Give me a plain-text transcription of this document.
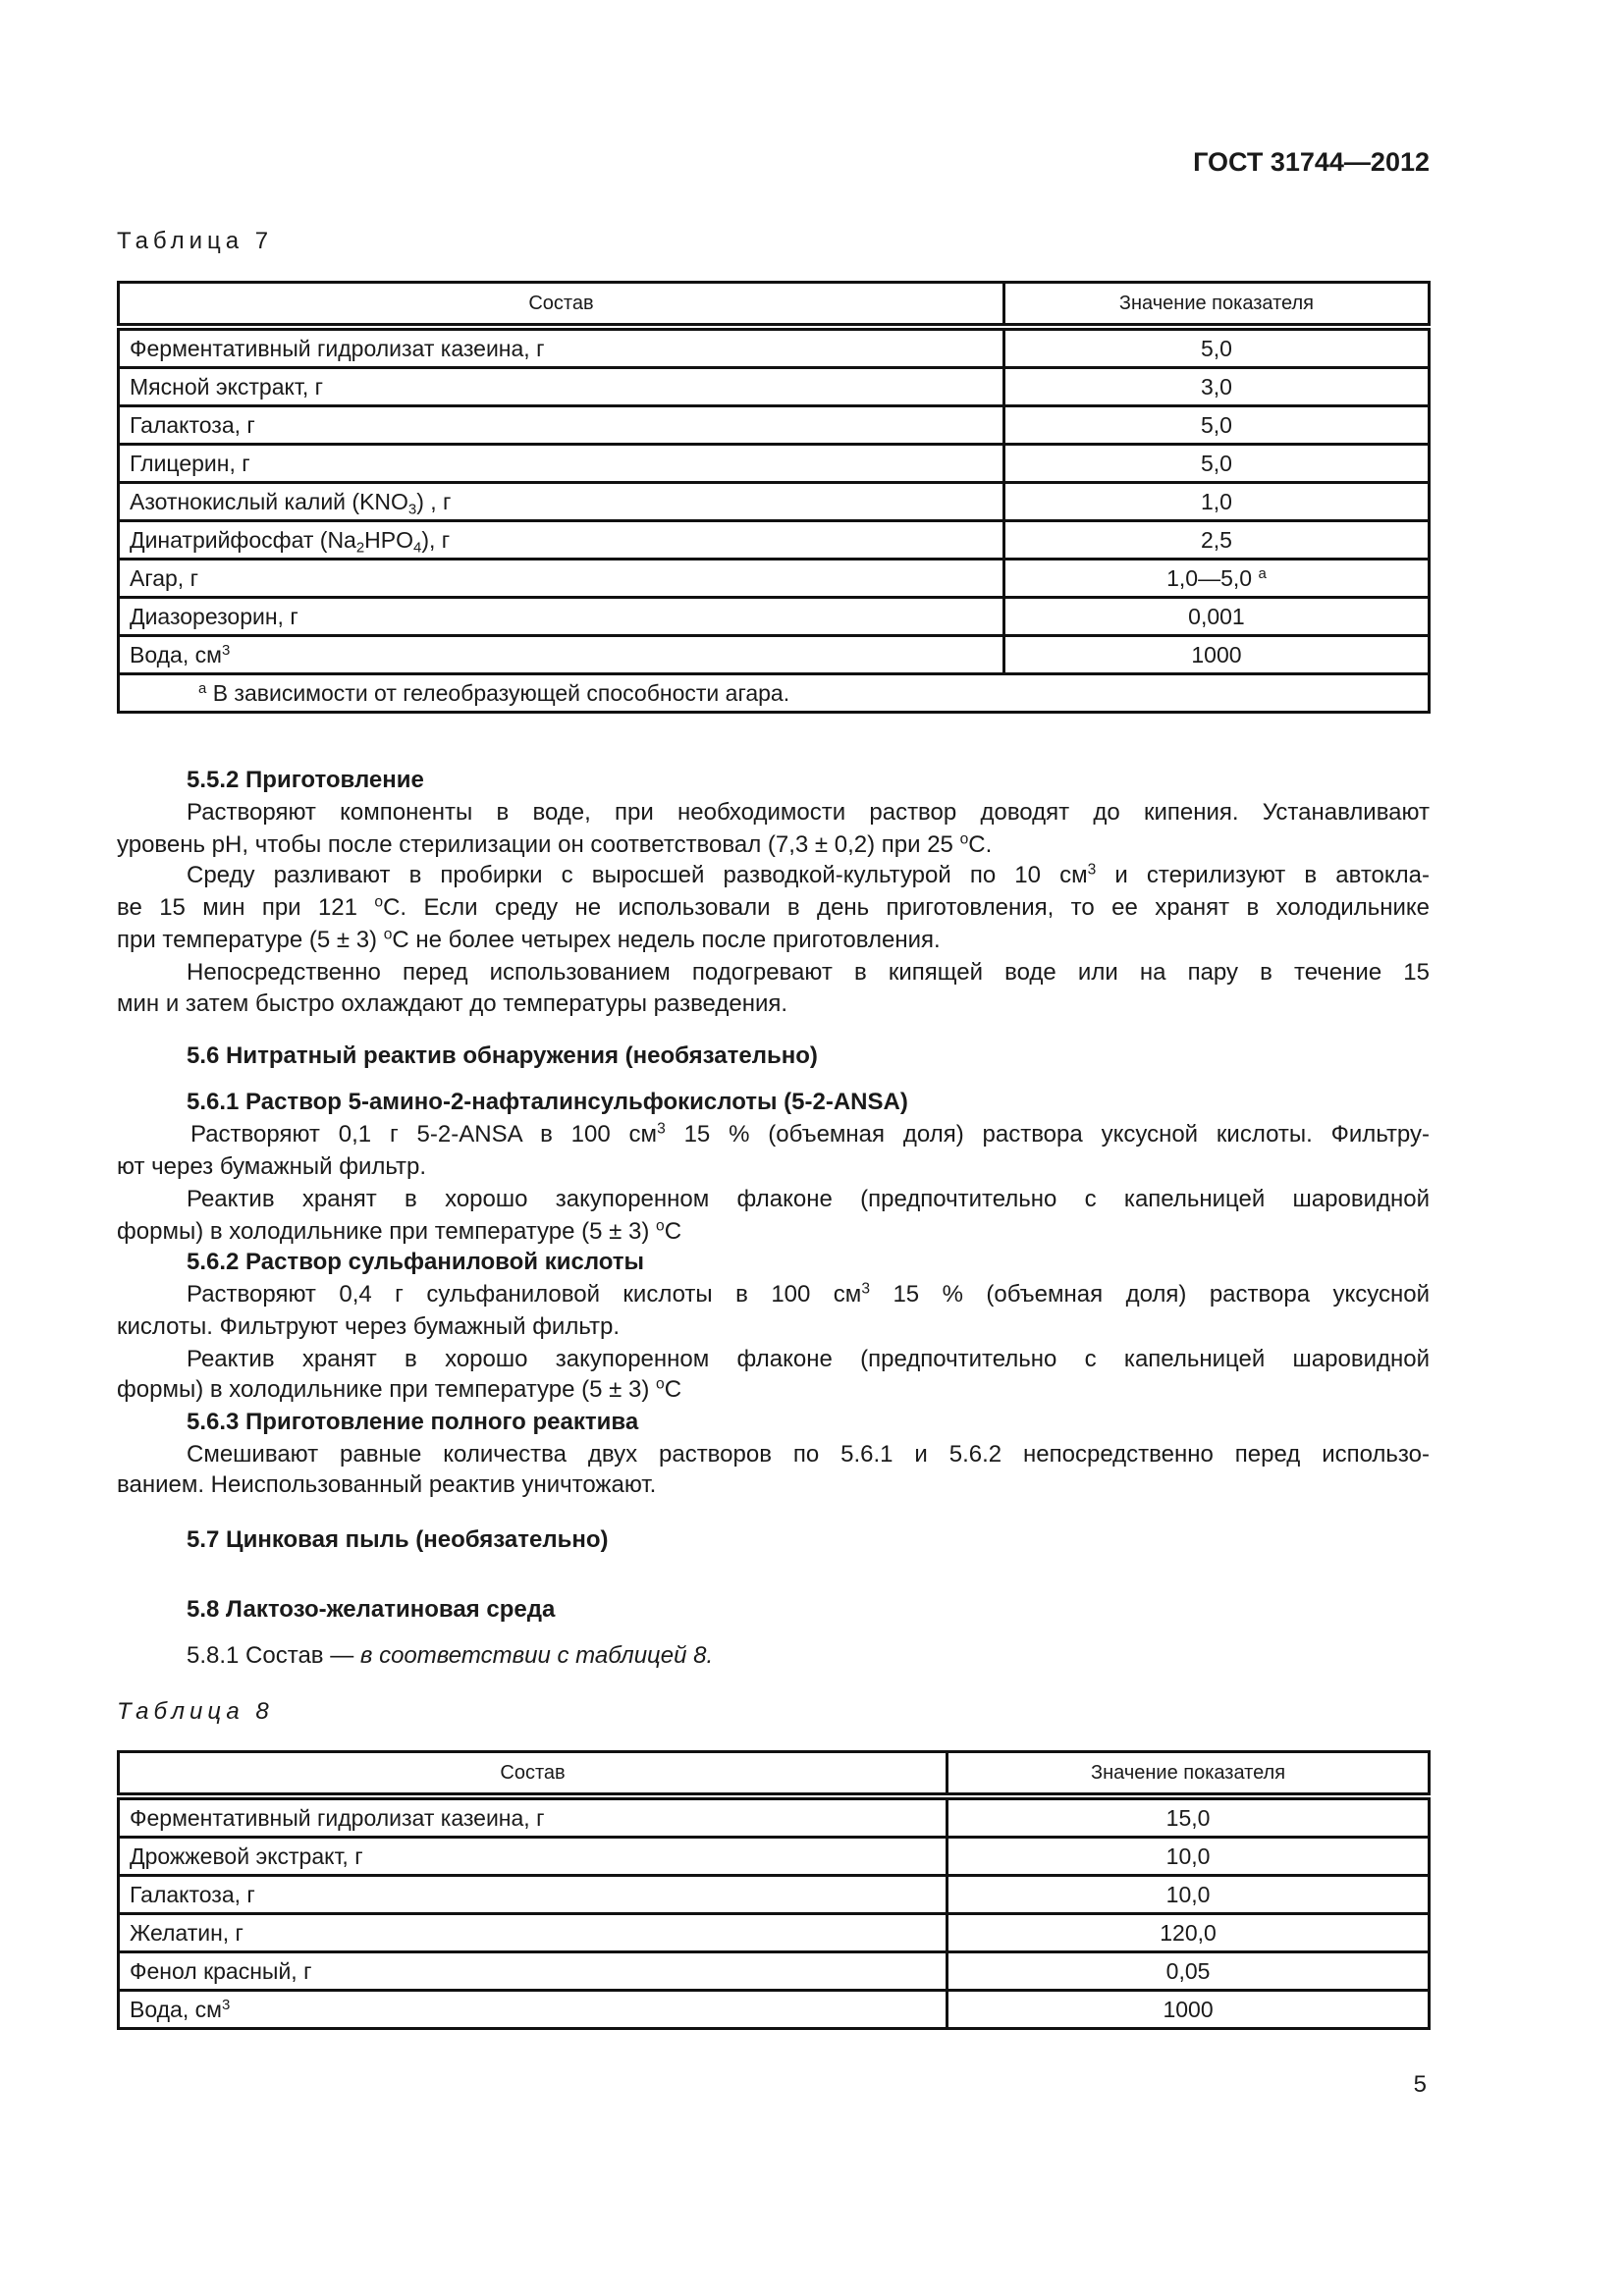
ГОСТ 31744—2012
Таблица 7
Состав	Значение показателя
Ферментативный гидролизат казеина, г	5,0
Мясной экстракт, г	3,0
Галактоза, г	5,0
Глицерин, г	5,0
Азотнокислый калий $(KNO_3)$ , г	1,0
Динатрийфосфат $(Na_2HPO_4)$, г	2,5
Агар, г	1,0—5,0 $^а$
Диазорезорин, г	0,001
Вода, $см^3$	1000
$^а$ В зависимости от гелеобразующей способности агара.	
5.5.2 Приготовление
Растворяют компоненты в воде, при необходимости раствор доводят до кипения. Устанавливают
уровень pH, чтобы после стерилизации он соответствовал (7,3 ± 0,2) при 25 $^о$С.
Среду разливают в пробирки с выросшей разводкой-культурой по 10 $см^3$ и стерилизуют в автокла-
ве 15 мин при 121 $^о$С. Если среду не использовали в день приготовления, то ее хранят в холодильнике
при температуре (5 ± 3) $^о$С не более четырех недель после приготовления.
Непосредственно перед использованием подогревают в кипящей воде или на пару в течение 15
мин и затем быстро охлаждают до температуры разведения.
5.6 Нитратный реактив обнаружения (необязательно)
5.6.1 Раствор 5-амино-2-нафталинсульфокислоты (5-2-ANSA)
Растворяют 0,1 г 5-2-ANSA в 100 $см^3$ 15 % (объемная доля) раствора уксусной кислоты. Фильтру-
ют через бумажный фильтр.
Реактив хранят в хорошо закупоренном флаконе (предпочтительно с капельницей шаровидной
формы) в холодильнике при температуре (5 ± 3) $^о$С
5.6.2 Раствор сульфаниловой кислоты
Растворяют 0,4 г сульфаниловой кислоты в 100 $см^3$ 15 % (объемная доля) раствора уксусной
кислоты. Фильтруют через бумажный фильтр.
Реактив хранят в хорошо закупоренном флаконе (предпочтительно с капельницей шаровидной
формы) в холодильнике при температуре (5 ± 3) $^о$С
5.6.3 Приготовление полного реактива
Смешивают равные количества двух растворов по 5.6.1 и 5.6.2 непосредственно перед использо-
ванием. Неиспользованный реактив уничтожают.
5.7 Цинковая пыль (необязательно)
5.8 Лактозо-желатиновая среда
5.8.1 Состав — в соответствии с таблицей 8.
Таблица 8
Состав	Значение показателя
Ферментативный гидролизат казеина, г	15,0
Дрожжевой экстракт, г	10,0
Галактоза, г	10,0
Желатин, г	120,0
Фенол красный, г	0,05
Вода, $см^3$	1000
5
